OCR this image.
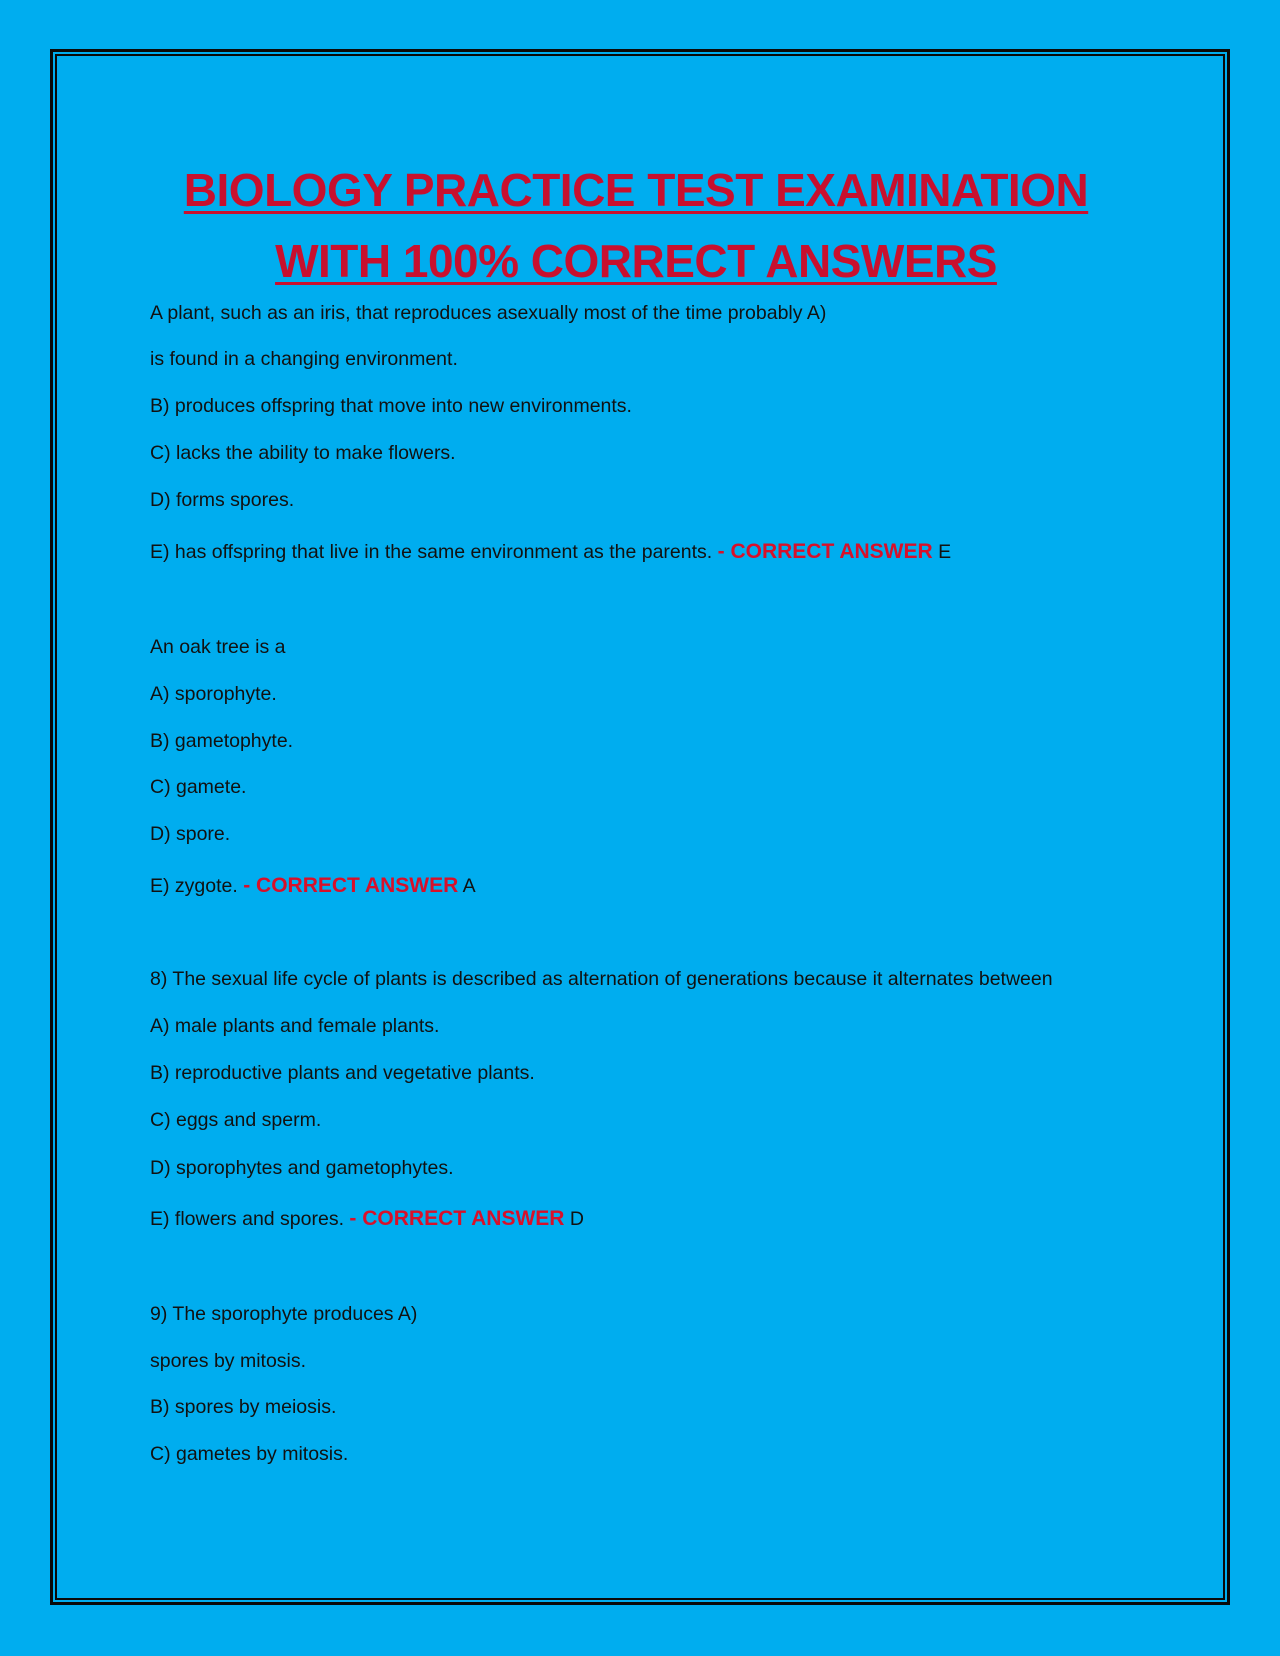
BIOLOGY PRACTICE TEST EXAMINATION
WITH 100% CORRECT ANSWERS
A plant, such as an iris, that reproduces asexually most of the time probably A)
is found in a changing environment.
B) produces offspring that move into new environments.
C) lacks the ability to make flowers.
D) forms spores.
E) has offspring that live in the same environment as the parents. - CORRECT ANSWER E
An oak tree is a
A) sporophyte.
B) gametophyte.
C) gamete.
D) spore.
E) zygote. - CORRECT ANSWER A
8) The sexual life cycle of plants is described as alternation of generations because it alternates between
A) male plants and female plants.
B) reproductive plants and vegetative plants.
C) eggs and sperm.
D) sporophytes and gametophytes.
E) flowers and spores. - CORRECT ANSWER D
9) The sporophyte produces A)
spores by mitosis.
B) spores by meiosis.
C) gametes by mitosis.
